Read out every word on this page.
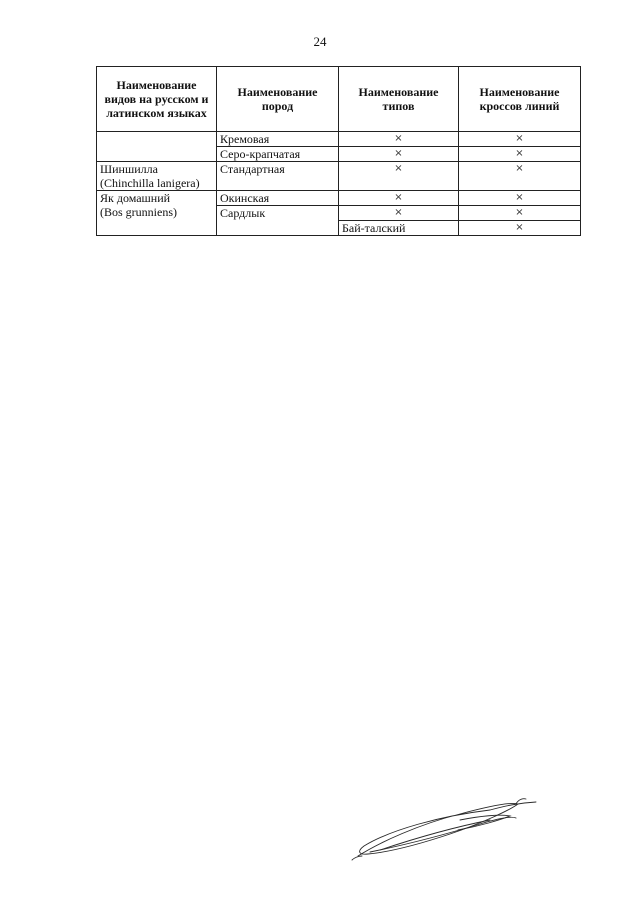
24
Наименование видов на русском и латинском языках	Наименование пород	Наименование типов	Наименование кроссов линий
	Кремовая	×	×
	Серо-крапчатая	×	×

Шиншилла
(Chinchilla lanigera)	Стандартная	×	×

Як домашний
(Bos grunniens)	Окинская	×	×
	Сардлык	×	×
		Бай-талский	×
